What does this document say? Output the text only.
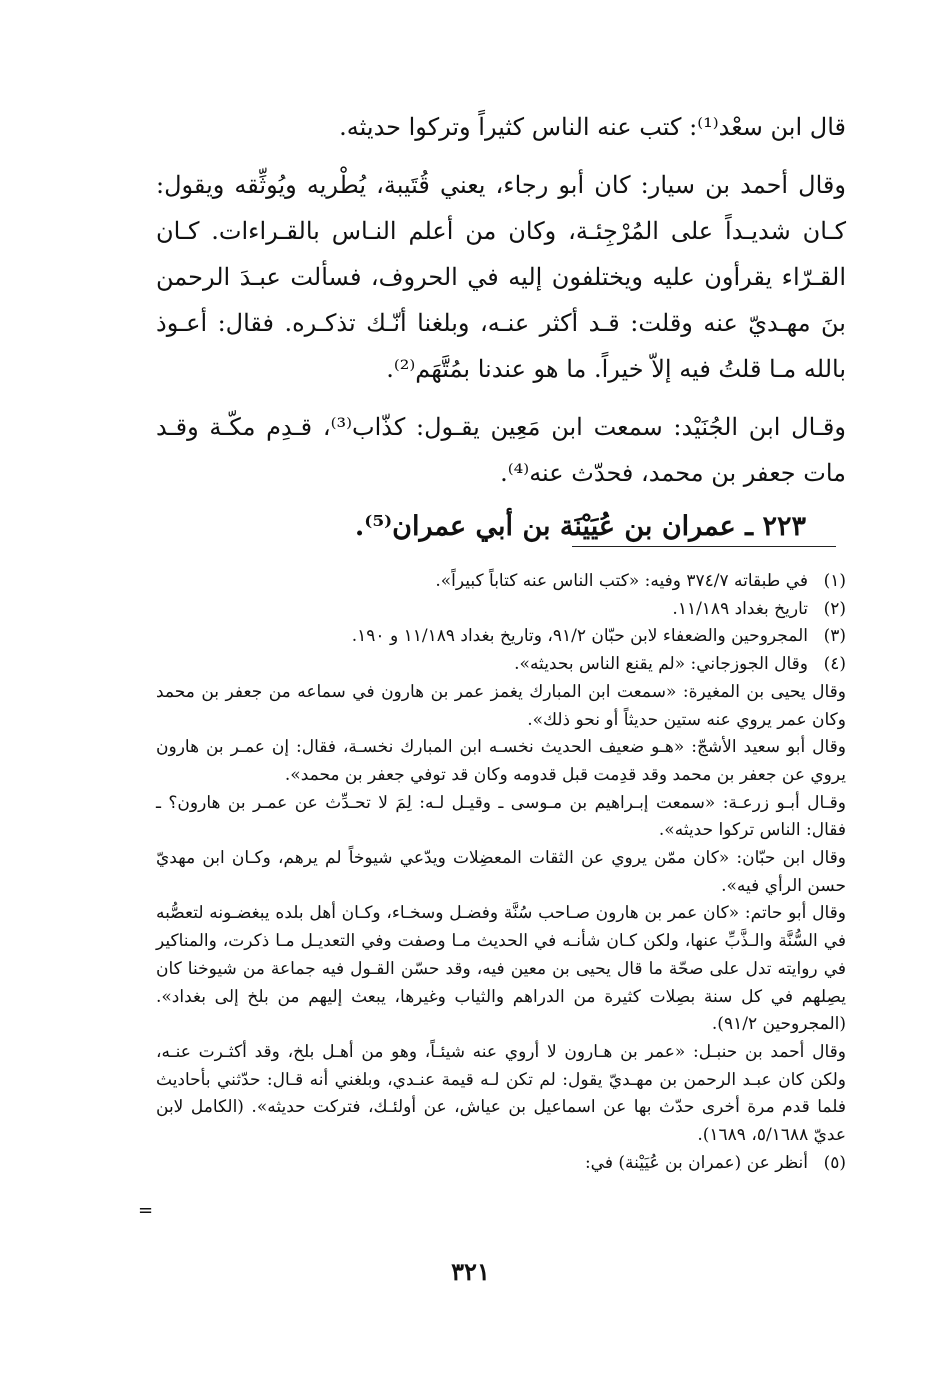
قال ابن سعْد⁽¹⁾: كتب عنه الناس كثيراً وتركوا حديثه.

وقال أحمد بن سيار: كان أبو رجاء، يعني قُتَيبة، يُطْريه ويُوثِّقه ويقول: كـان شديـداً على المُرْجِئـة، وكان من أعلم النـاس بالقـراءات. كـان القـرّاء يقرأون عليه ويختلفون إليه في الحروف، فسألت عبـدَ الرحمن بنَ مهـديّ عنه وقلت: قـد أكثر عنـه، وبلغنا أنّـك تذكـره. فقال: أعـوذ بالله مـا قلتُ فيه إلاّ خيراً. ما هو عندنا بمُتَّهَم⁽²⁾.

وقـال ابن الجُنَيْد: سمعت ابن مَعِين يقـول: كذّاب⁽³⁾، قـدِم مكّـة وقـد مات جعفر بن محمد، فحدّث عنه⁽⁴⁾.

٢٢٣ ـ عمران بن عُيَيْنَة بن أبي عمران⁽⁵⁾.

(١)
في طبقاته ٣٧٤/٧ وفيه: «كتب الناس عنه كتاباً كبيراً».
(٢)
تاريخ بغداد ١١/١٨٩.
(٣)
المجروحين والضعفاء لابن حبّان ٩١/٢، وتاريخ بغداد ١١/١٨٩ و ١٩٠.
(٤)
وقال الجوزجاني: «لم يقنع الناس بحديثه».

وقال يحيى بن المغيرة: «سمعت ابن المبارك يغمز عمر بن هارون في سماعه من جعفر بن محمد وكان عمر يروي عنه ستين حديثاً أو نحو ذلك».

وقال أبو سعيد الأشجّ: «هـو ضعيف الحديث نخسـه ابن المبارك نخسـة، فقال: إن عمـر بن هارون يروي عن جعفر بن محمد وقد قدِمت قبل قدومه وكان قد توفي جعفر بن محمد».

وقـال أبـو زرعـة: «سمعت إبـراهيم بن مـوسى ـ وقيـل لـه: لِمَ لا تحـدِّث عن عمـر بن هارون؟ ـ فقال: الناس تركوا حديثه».

وقال ابن حبّان: «كان ممّن يروي عن الثقات المعضِلات ويدّعي شيوخاً لم يرهم، وكـان ابن مهديّ حسن الرأي فيه».

وقال أبو حاتم: «كان عمر بن هارون صـاحب سُنَّة وفضـل وسخـاء، وكـان أهل بلده يبغضـونه لتعصُّبه في السُّنَّة والـذَّبِّ عنها، ولكن كـان شأنـه في الحديث مـا وصفت وفي التعديـل مـا ذكرت، والمناكير في روايته تدل على صحّة ما قال يحيى بن معين فيه، وقد حسّن القـول فيه جماعة من شيوخنا كان يصِلهم في كل سنة بصِلات كثيرة من الدراهم والثياب وغيرها، يبعث إليهم من بلخ إلى بغداد». (المجروحين ٩١/٢).

وقال أحمد بن حنبـل: «عمر بن هـارون لا أروي عنه شيئـاً، وهو من أهـل بلخ، وقد أكثـرت عنـه، ولكن كان عبـد الرحمن بن مهـديّ يقول: لم تكن لـه قيمة عنـدي، وبلغني أنه قـال: حدّثني بأحاديث فلما قدم مرة أخرى حدّث بها عن اسماعيل بن عياش، عن أولئـك، فتركت حديثه». (الكامل لابن عديّ ٥/١٦٨٨، ١٦٨٩).

(٥)
أنظر عن (عمران بن عُيَيْنة) في:
=
٣٢١
